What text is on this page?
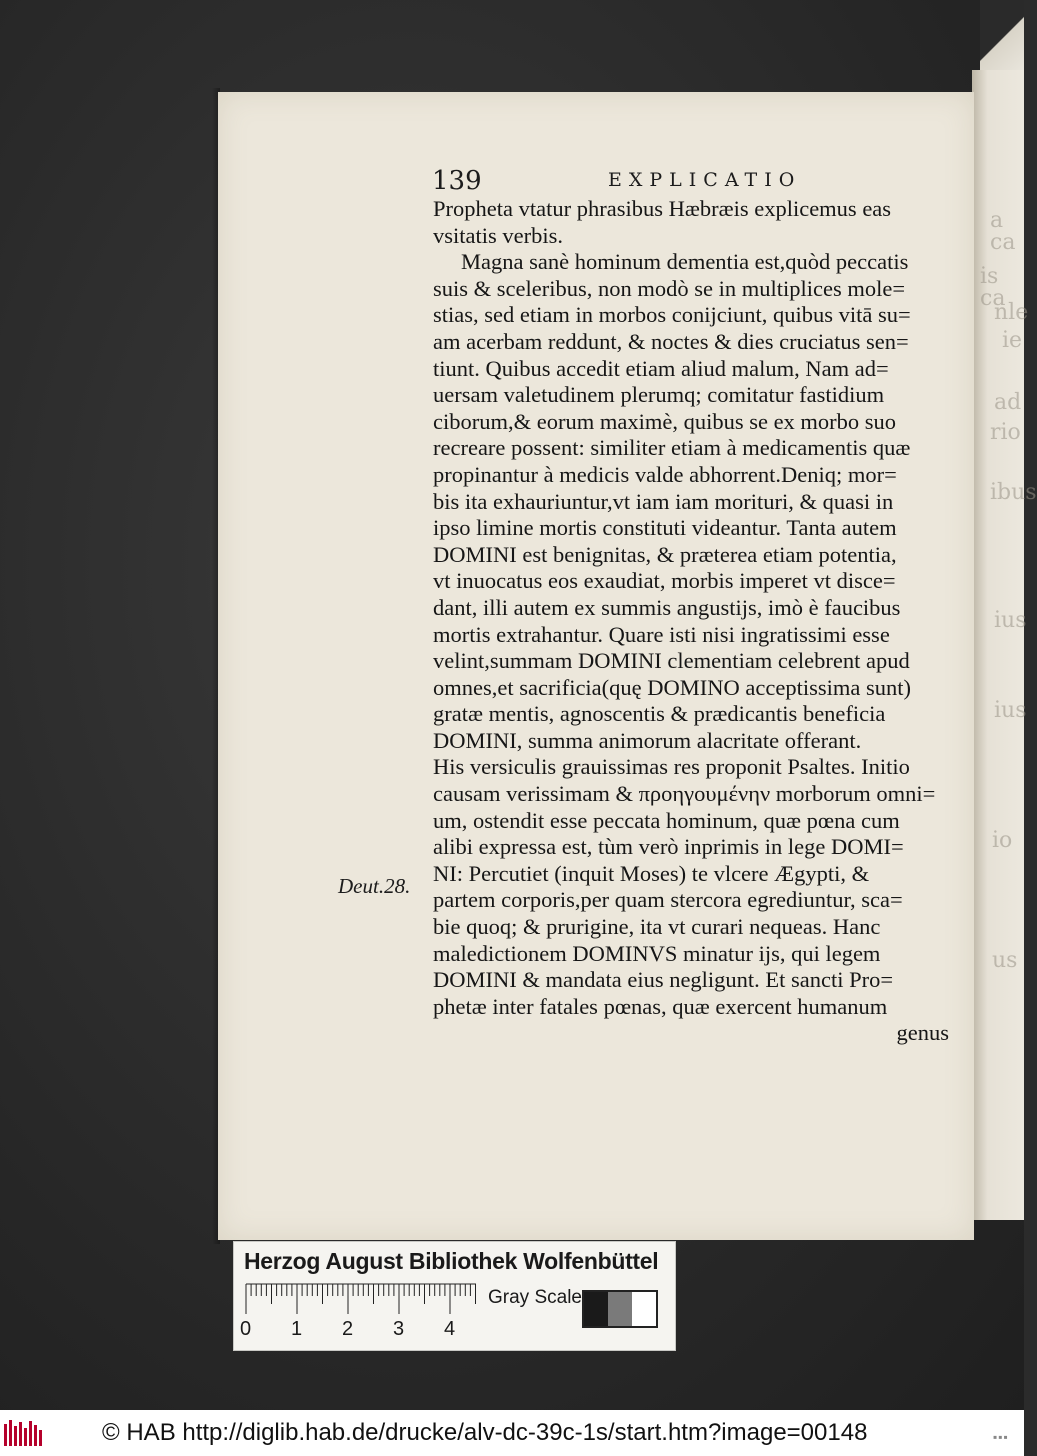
a ca
is ca
nle
ie
ad
rio
ibus
ius
ius
io
us
139	EXPLICATIO
Deut.28.
Propheta vtatur phrasibus Hæbræis explicemus eas
vsitatis verbis.
Magna sanè hominum dementia est,quòd peccatis
suis & sceleribus, non modò se in multiplices mole=
stias, sed etiam in morbos conijciunt, quibus vitā su=
am acerbam reddunt, & noctes & dies cruciatus sen=
tiunt. Quibus accedit etiam aliud malum, Nam ad=
uersam valetudinem plerumq; comitatur fastidium
ciborum,& eorum maximè, quibus se ex morbo suo
recreare possent: similiter etiam à medicamentis quæ
propinantur à medicis valde abhorrent.Deniq; mor=
bis ita exhauriuntur,vt iam iam morituri, & quasi in
ipso limine mortis constituti videantur. Tanta autem
DOMINI est benignitas, & præterea etiam potentia,
vt inuocatus eos exaudiat, morbis imperet vt disce=
dant, illi autem ex summis angustijs, imò è faucibus
mortis extrahantur. Quare isti nisi ingratissimi esse
velint,summam DOMINI clementiam celebrent apud
omnes,et sacrificia(quę DOMINO acceptissima sunt)
gratæ mentis, agnoscentis & prædicantis beneficia
DOMINI, summa animorum alacritate offerant.
His versiculis grauissimas res proponit Psaltes. Initio
causam verissimam & προηγουμένην morborum omni=
um, ostendit esse peccata hominum, quæ pœna cum
alibi expressa est, tùm verò inprimis in lege DOMI=
NI: Percutiet (inquit Moses) te vlcere Ægypti, &
partem corporis,per quam stercora egrediuntur, sca=
bie quoq; & prurigine, ita vt curari nequeas. Hanc
maledictionem DOMINVS minatur ijs, qui legem
DOMINI & mandata eius negligunt. Et sancti Pro=
phetæ inter fatales pœnas, quæ exercent humanum
genus
Herzog August Bibliothek Wolfenbüttel
0 1 2 3 4
Gray Scale
© HAB http://diglib.hab.de/drucke/alv-dc-39c-1s/start.htm?image=00148	▪▪▪
